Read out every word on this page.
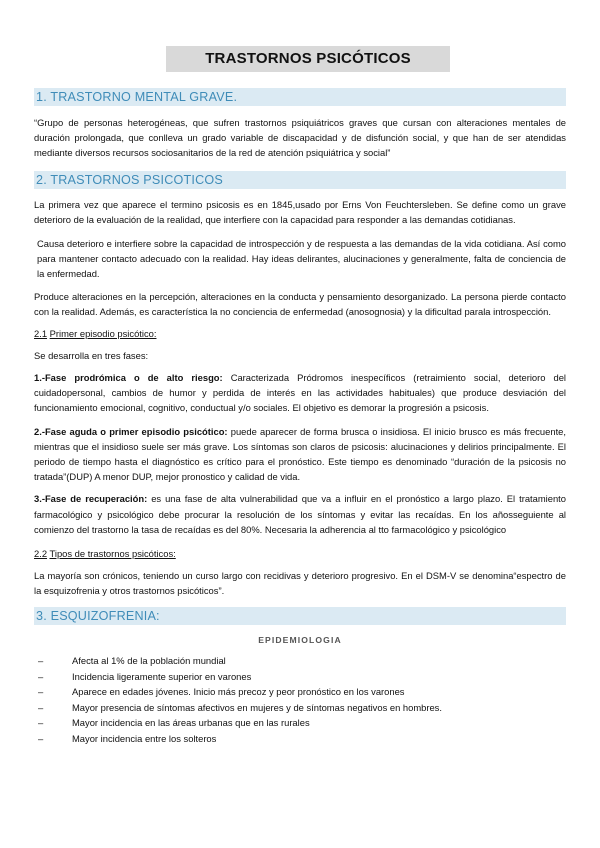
TRASTORNOS PSICÓTICOS
1. TRASTORNO MENTAL GRAVE.

“Grupo de personas heterogéneas, que sufren trastornos psiquiátricos graves que cursan con alteraciones mentales de duración prolongada, que conlleva un grado variable de discapacidad y de disfunción social, y que han de ser atendidas mediante diversos recursos sociosanitarios de la red de atención psiquiátrica y social”

2. TRASTORNOS PSICOTICOS

La primera vez que aparece el termino psicosis es en 1845,usado por Erns Von Feuchtersleben. Se define como un grave deterioro de la evaluación de la realidad, que interfiere con la capacidad para responder a las demandas cotidianas.

Causa deterioro e interfiere sobre la capacidad de introspección y de respuesta a las demandas de la vida cotidiana. Así como para mantener contacto adecuado con la realidad. Hay ideas delirantes, alucinaciones y generalmente, falta de conciencia de la enfermedad.

Produce alteraciones en la percepción, alteraciones en la conducta y pensamiento desorganizado. La persona pierde contacto con la realidad. Además, es característica la no conciencia de enfermedad (anosognosia) y la dificultad parala introspección.

2.1 Primer episodio psicótico:

Se desarrolla en tres fases:

1.-Fase prodrómica o de alto riesgo: Caracterizada Pródromos inespecíficos (retraimiento social, deterioro del cuidadopersonal, cambios de humor y perdida de interés en las actividades habituales) que produce desviación del funcionamiento emocional, cognitivo, conductual y/o sociales. El objetivo es demorar la progresión a psicosis.

2.-Fase aguda o primer episodio psicótico: puede aparecer de forma brusca o insidiosa. El inicio brusco es más frecuente, mientras que el insidioso suele ser más grave. Los síntomas son claros de psicosis: alucinaciones y delirios principalmente. El periodo de tiempo hasta el diagnóstico es crítico para el pronóstico. Este tiempo es denominado “duración de la psicosis no tratada”(DUP) A menor DUP, mejor pronostico y calidad de vida.

3.-Fase de recuperación: es una fase de alta vulnerabilidad que va a influir en el pronóstico a largo plazo. El tratamiento farmacológico y psicológico debe procurar la resolución de los síntomas y evitar las recaídas. En los añosseguiente al comienzo del trastorno la tasa de recaídas es del 80%. Necesaria la adherencia al tto farmacológico y psicológico

2.2 Tipos de trastornos psicóticos:

La mayoría son crónicos, teniendo un curso largo con recidivas y deterioro progresivo. En el DSM-V se denomina“espectro de la esquizofrenia y otros trastornos psicóticos”.

3. ESQUIZOFRENIA:
EPIDEMIOLOGIA
–	Afecta al 1% de la población mundial
–	Incidencia ligeramente superior en varones
–	Aparece en edades jóvenes. Inicio más precoz y peor pronóstico en los varones
–	Mayor presencia de síntomas afectivos en mujeres y de síntomas negativos en hombres.
–	Mayor incidencia en las áreas urbanas que en las rurales
–	Mayor incidencia entre los solteros
